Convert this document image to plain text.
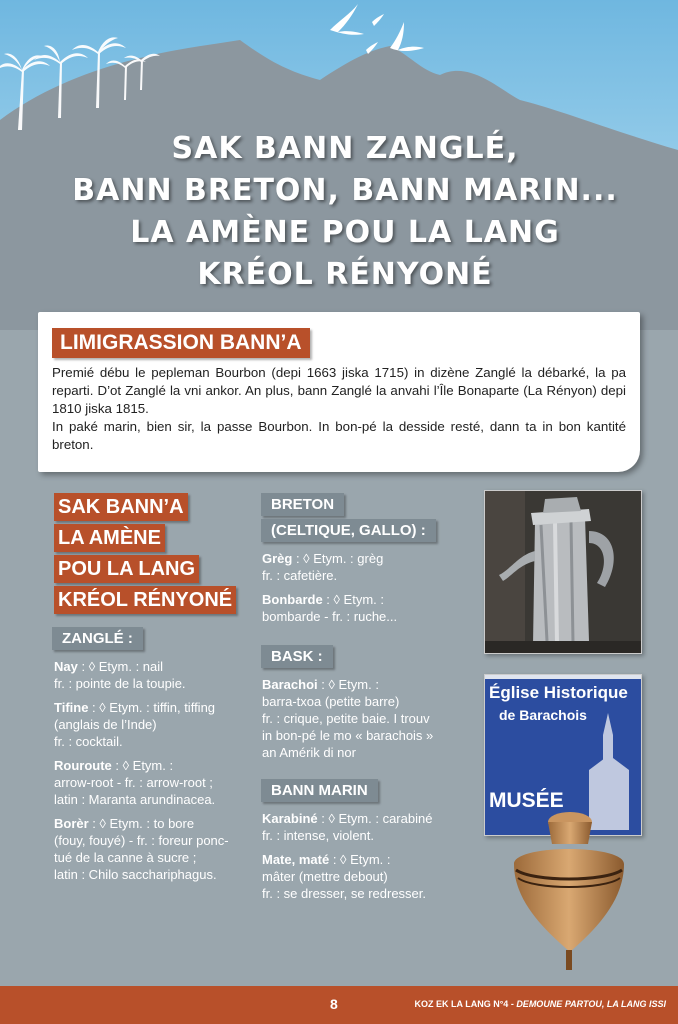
SAK BANN ZANGLÉ,
BANN BRETON, BANN MARIN...
LA AMÈNE POU LA LANG
KRÉOL RÉNYONÉ
LIMIGRASSION BANN’A

Premié débu le pepleman Bourbon (depi 1663 jiska 1715) in dizène Zanglé la débarké, la pa reparti. D’ot Zanglé la vni ankor. An plus, bann Zanglé la anvahi l’Île Bonaparte (La Rényon) depi 1810 jiska 1815.

In paké marin, bien sir, la passe Bourbon. In bon-pé la desside resté, dann ta in bon kantité breton.

SAK BANN’A
LA AMÈNE
POU LA LANG
KRÉOL RÉNYONÉ
ZANGLÉ :
Nay : ◊ Etym. : nail
fr. : pointe de la toupie.
Tifine : ◊ Etym. : tiffin, tiffing
(anglais de l’Inde)
fr. : cocktail.
Rouroute : ◊ Etym. :
arrow-root - fr. : arrow-root ;
latin : Maranta arundinacea.
Borèr : ◊ Etym. : to bore
(fouy, fouyé) - fr. : foreur ponc-
tué de la canne à sucre ;
latin : Chilo sacchariphagus.
BRETON
(CELTIQUE, GALLO) :
Grèg : ◊ Etym. : grèg
fr. : cafetière.
Bonbarde : ◊ Etym. :
bombarde - fr. : ruche...
BASK :
Barachoi : ◊ Etym. :
barra-txoa (petite barre)
fr. : crique, petite baie. I trouv
in bon-pé le mo « barachois »
an Amérik di nor
BANN MARIN
Karabiné : ◊ Etym. : carabiné
fr. : intense, violent.
Mate, maté : ◊ Etym. :
mâter (mettre debout)
fr. : se dresser, se redresser.
Église Historique
de Barachois
MUSÉE
8	KOZ EK LA LANG N°4 - DEMOUNE PARTOU, LA LANG ISSI
